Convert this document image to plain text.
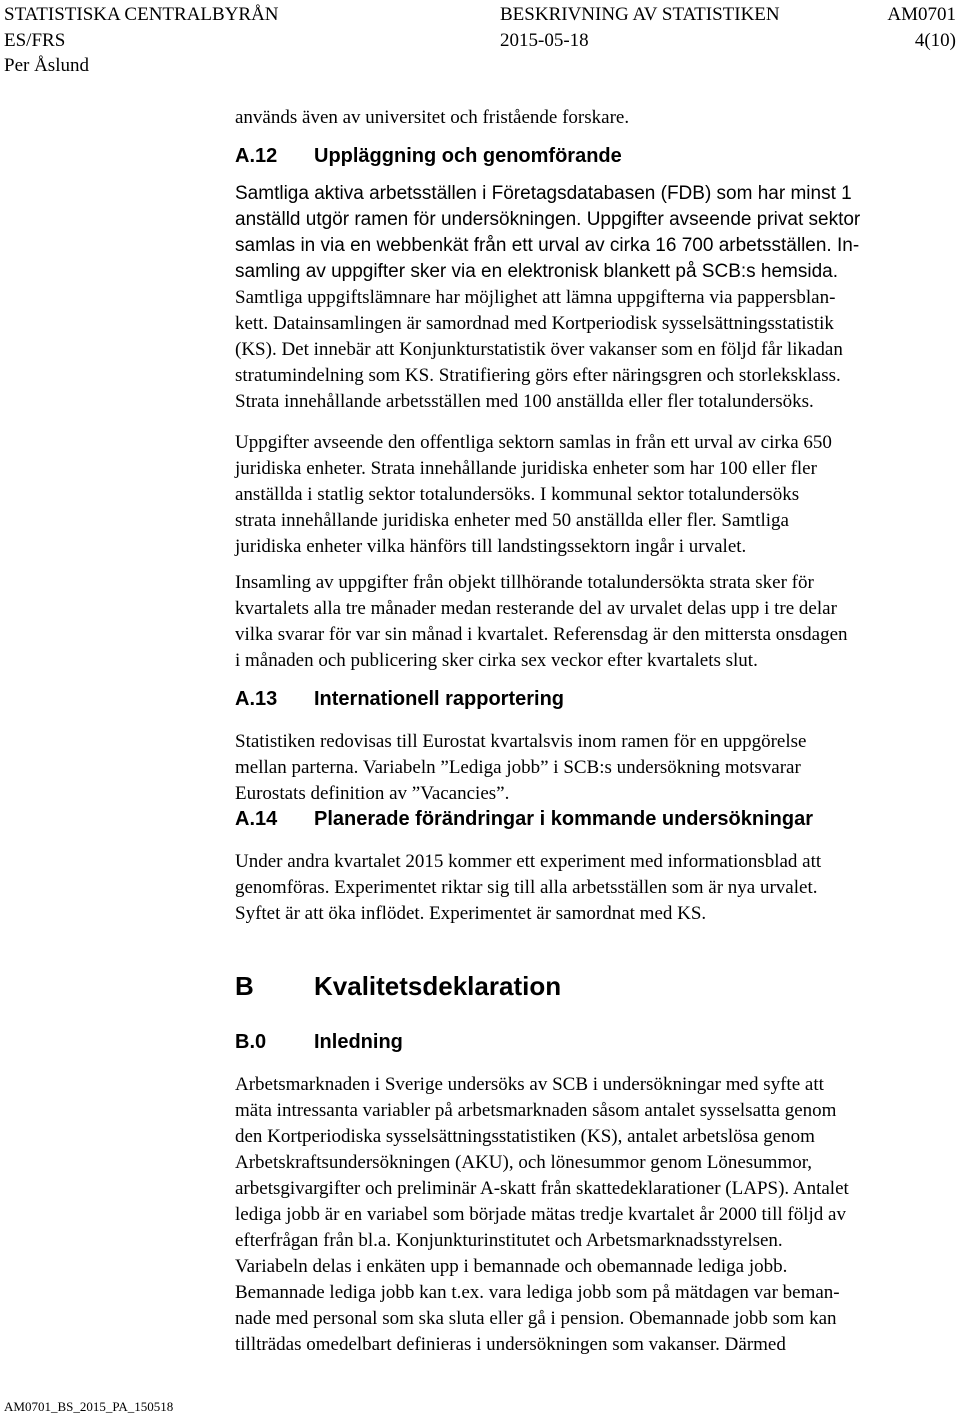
STATISTISKA CENTRALBYRÅN	BESKRIVNING AV STATISTIKEN	AM0701
ES/FRS	2015-05-18	4(10)
Per Åslund

används även av universitet och fristående forskare.

A.12 Uppläggning och genomförande

Samtliga aktiva arbetsställen i Företagsdatabasen (FDB) som har minst 1
anställd utgör ramen för undersökningen. Uppgifter avseende privat sektor
samlas in via en webbenkät från ett urval av cirka 16 700 arbetsställen. In-
samling av uppgifter sker via en elektronisk blankett på SCB:s hemsida.
Samtliga uppgiftslämnare har möjlighet att lämna uppgifterna via pappersblan-
kett. Datainsamlingen är samordnad med Kortperiodisk sysselsättningsstatistik
(KS). Det innebär att Konjunkturstatistik över vakanser som en följd får likadan
stratumindelning som KS. Stratifiering görs efter näringsgren och storleksklass.
Strata innehållande arbetsställen med 100 anställda eller fler totalundersöks.

Uppgifter avseende den offentliga sektorn samlas in från ett urval av cirka 650
juridiska enheter. Strata innehållande juridiska enheter som har 100 eller fler
anställda i statlig sektor totalundersöks. I kommunal sektor totalundersöks
strata innehållande juridiska enheter med 50 anställda eller fler. Samtliga
juridiska enheter vilka hänförs till landstingssektorn ingår i urvalet.

Insamling av uppgifter från objekt tillhörande totalundersökta strata sker för
kvartalets alla tre månader medan resterande del av urvalet delas upp i tre delar
vilka svarar för var sin månad i kvartalet. Referensdag är den mittersta onsdagen
i månaden och publicering sker cirka sex veckor efter kvartalets slut.

A.13 Internationell rapportering

Statistiken redovisas till Eurostat kvartalsvis inom ramen för en uppgörelse
mellan parterna. Variabeln ”Lediga jobb” i SCB:s undersökning motsvarar
Eurostats definition av ”Vacancies”.

A.14 Planerade förändringar i kommande undersökningar

Under andra kvartalet 2015 kommer ett experiment med informationsblad att
genomföras. Experimentet riktar sig till alla arbetsställen som är nya urvalet.
Syftet är att öka inflödet. Experimentet är samordnat med KS.

B Kvalitetsdeklaration
B.0 Inledning

Arbetsmarknaden i Sverige undersöks av SCB i undersökningar med syfte att
mäta intressanta variabler på arbetsmarknaden såsom antalet sysselsatta genom
den Kortperiodiska sysselsättningsstatistiken (KS), antalet arbetslösa genom
Arbetskraftsundersökningen (AKU), och lönesummor genom Lönesummor,
arbetsgivargifter och preliminär A-skatt från skattedeklarationer (LAPS). Antalet
lediga jobb är en variabel som började mätas tredje kvartalet år 2000 till följd av
efterfrågan från bl.a. Konjunkturinstitutet och Arbetsmarknadsstyrelsen.
Variabeln delas i enkäten upp i bemannade och obemannade lediga jobb.
Bemannade lediga jobb kan t.ex. vara lediga jobb som på mätdagen var beman-
nade med personal som ska sluta eller gå i pension. Obemannade jobb som kan
tillträdas omedelbart definieras i undersökningen som vakanser. Därmed

AM0701_BS_2015_PA_150518
